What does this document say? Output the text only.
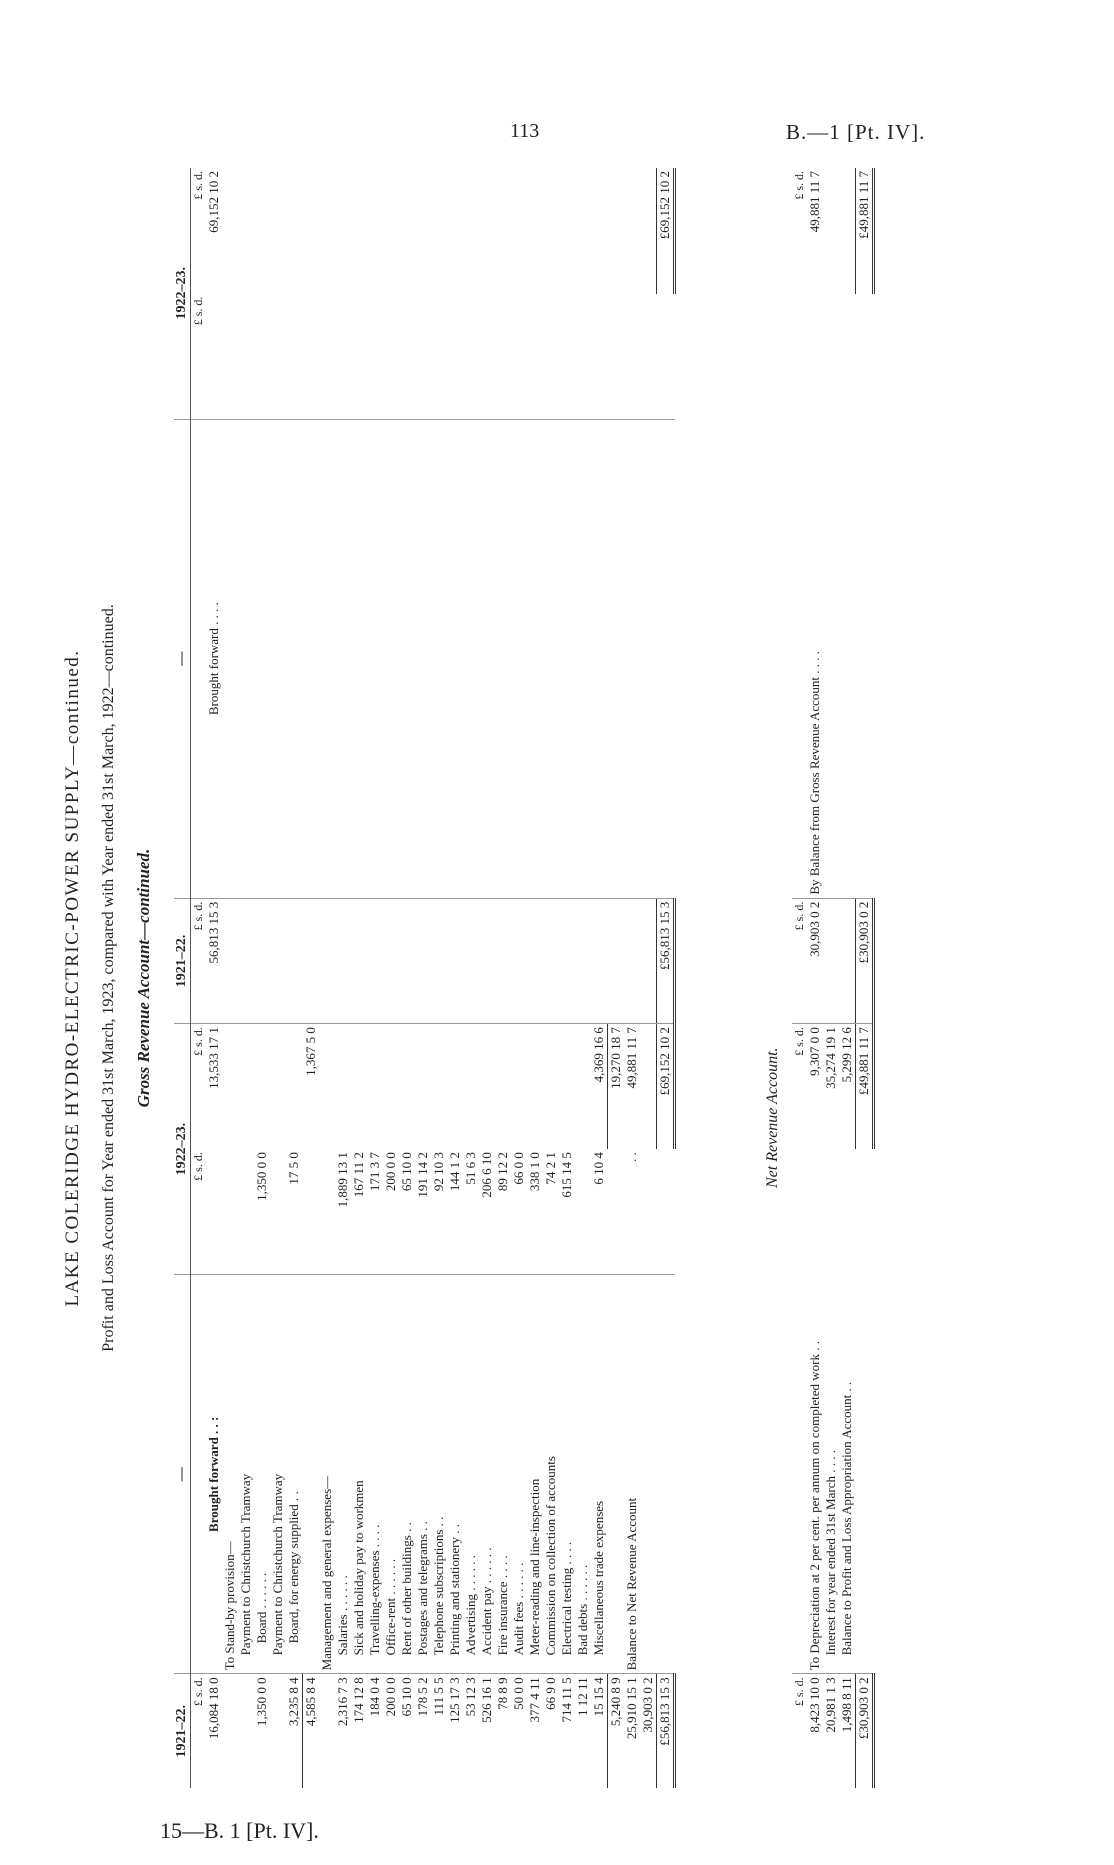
113	B.—1 [Pt. IV].
15—B. 1 [Pt. IV].
LAKE COLERIDGE HYDRO-ELECTRIC-POWER SUPPLY—continued. Profit and Loss Account for Year ended 31st March, 1923, compared with Year ended 31st March, 1922—continued. Gross Revenue Account—continued.
1921–22.	—	1922–23.		1921–22.	—	1922–23.	
£ s. d.		£ s. d.	£ s. d.	£ s. d.		£ s. d.	£ s. d.
16,084 18 0	Brought forward . . :		13,533 17 1	56,813 15 3	Brought forward . . . .		69,152 10 2
	To Stand-by provision—						
	Payment to Christchurch Tramway						
1,350 0 0	Board . . . . . .	1,350 0 0					
	Payment to Christchurch Tramway						
3,235 8 4	Board, for energy supplied . .	17 5 0					
4,585 8 4			1,367 5 0				
	Management and general expenses—						
2,316 7 3	Salaries . . . . . .	1,889 13 1					
174 12 8	Sick and holiday pay to workmen	167 11 2					
184 0 4	Travelling-expenses . . . .	171 3 7					
200 0 0	Office-rent . . . . . .	200 0 0					
65 10 0	Rent of other buildings . .	65 10 0					
178 5 2	Postages and telegrams . .	191 14 2					
111 5 5	Telephone subscriptions . .	92 10 3					
125 17 3	Printing and stationery . .	144 1 2					
53 12 3	Advertising . . . . . .	51 6 3					
526 16 1	Accident pay . . . . . .	206 6 10					
78 8 9	Fire insurance . . . .	89 12 2					
50 0 0	Audit fees . . . . . .	66 0 0					
377 4 11	Meter-reading and line-inspection	338 1 0					
66 9 0	Commission on collection of accounts	74 2 1					
714 11 5	Electrical testing . . . .	615 14 5					
1 12 11	Bad debts . . . . . .						
15 15 4	Miscellaneous trade expenses	6 10 4	4,369 16 6				
5,240 8 9			19,270 18 7				
25,910 15 1	Balance to Net Revenue Account	. .	49,881 11 7				
30,903 0 2							
£56,813 15 3			£69,152 10 2	£56,813 15 3			£69,152 10 2
Net Revenue Account.
£ s. d.		£ s. d.	£ s. d.			£ s. d.
8,423 10 0	To Depreciation at 2 per cent. per annum on completed work . .	9,307 0 0	30,903 0 2	By Balance from Gross Revenue Account . . . .		49,881 11 7
20,981 1 3	Interest for year ended 31st March . . . .	35,274 19 1				
1,498 8 11	Balance to Profit and Loss Appropriation Account . .	5,299 12 6				
£30,903 0 2		£49,881 11 7	£30,903 0 2			£49,881 11 7
